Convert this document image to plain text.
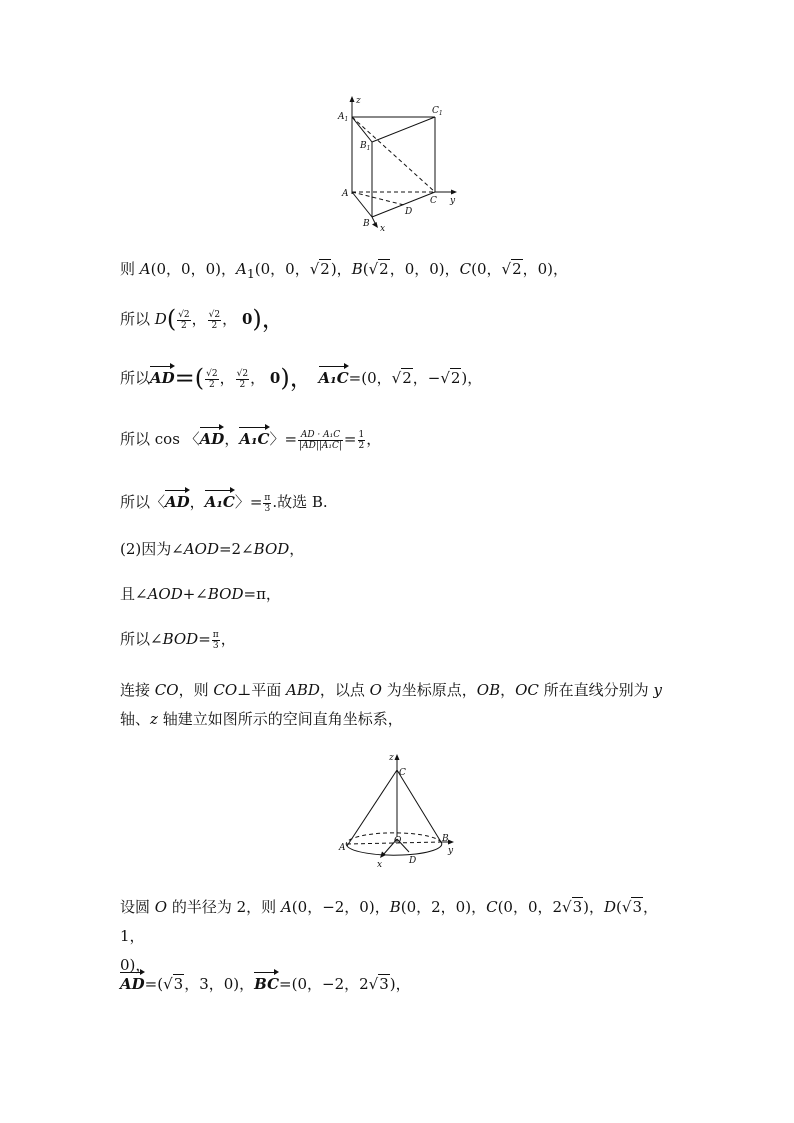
z
$A_1$
$C_1$
$B_1$
A
C y
D
B x
则 A(0，0，0)，$A_1(0$，0，√2)，B(√2，0，0)，C(0，√2，0)，
所以 $D( \frac{√2}{2}$ ， $\frac{√2}{2}$ ， 0)，
所以$AD=( \frac{√2}{2}$ ， $\frac{√2}{2}$ ， 0)， A₁C=(0，√2，−√2)，
所以 cos 〈AD，A₁C〉= $\frac{\text{AD · A₁C}}{\text{|AD||A₁C|}} = \frac{1}{2}$ ，
所以〈AD，A₁C〉= $\frac{\pi}{3}$ .故选 B.
(2)因为∠AOD=2∠BOD，
且∠AOD+∠BOD=π，
所以∠BOD= $\frac{\pi}{3}$ ，
连接 CO，则 CO⊥平面 ABD，以点 O 为坐标原点，OB，OC 所在直线分别为 y 轴、z 轴建立如图所示的空间直角坐标系，
z
C
O
A
B
y
x	D
设圆 O 的半径为 2，则 A(0，−2，0)，B(0，2，0)，C(0，0，2√3)，D(√3，1，
0)，
AD=(√3，3，0)，BC=(0，−2，2√3)，
